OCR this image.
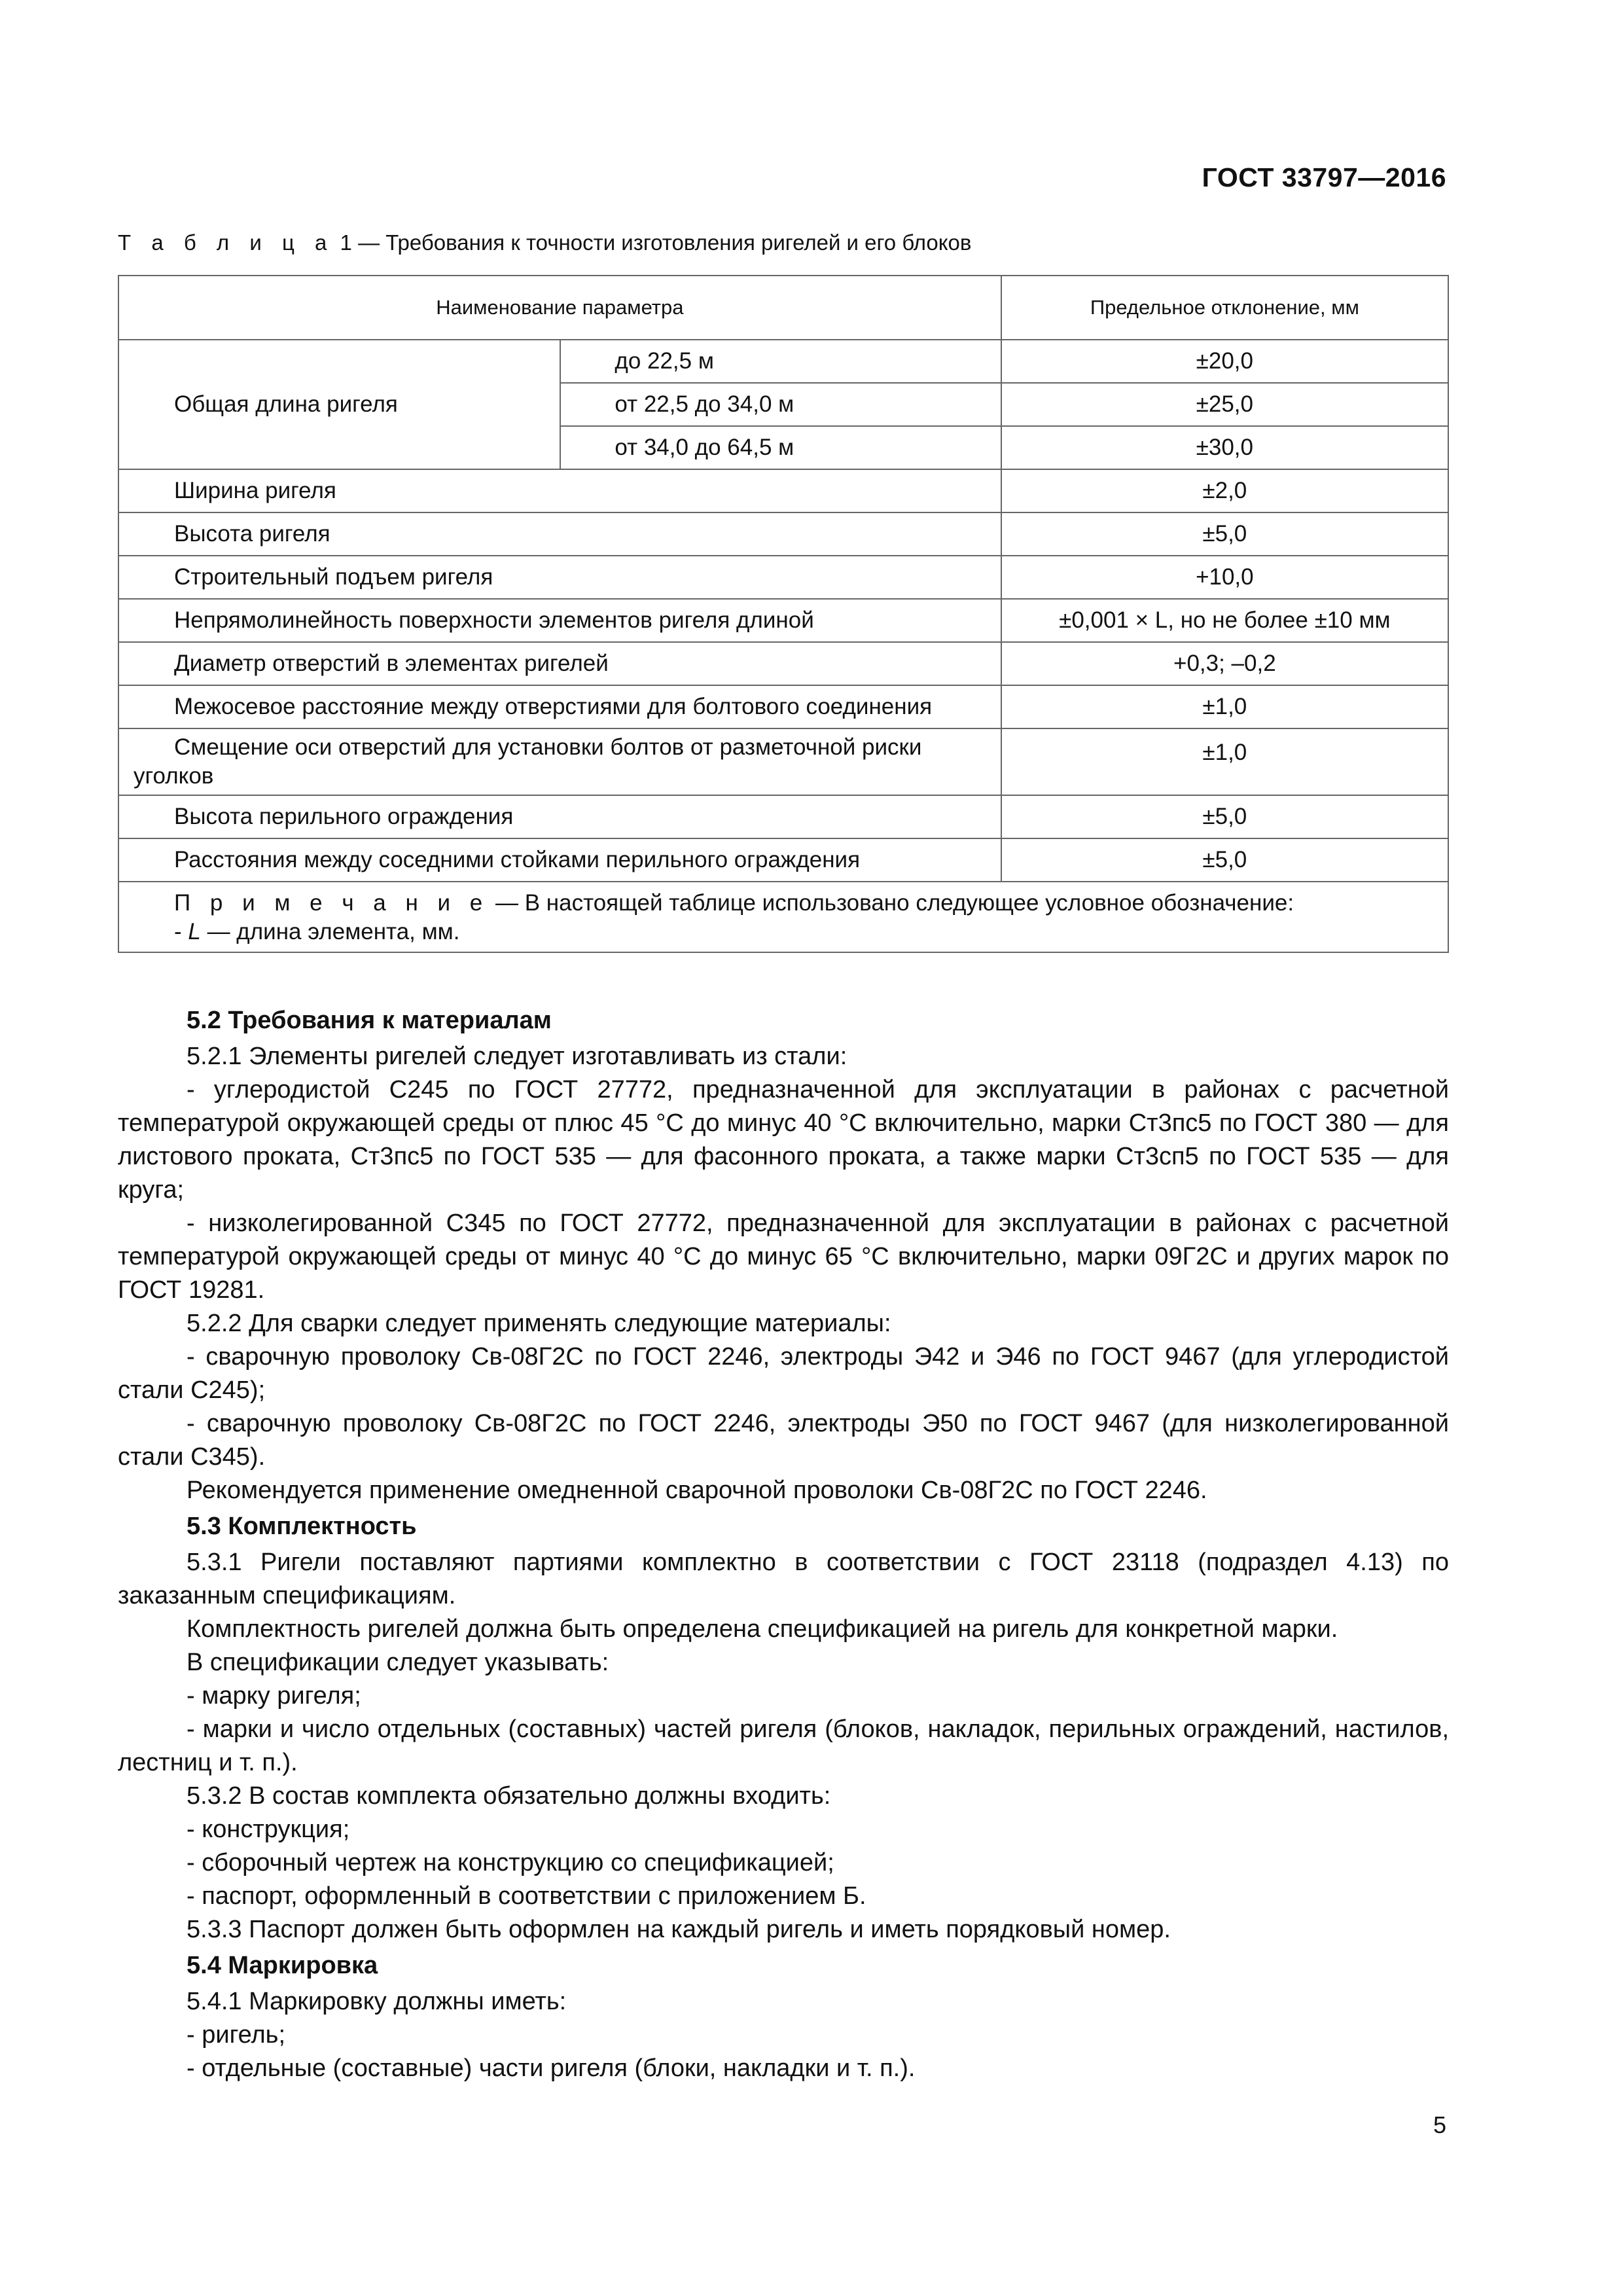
ГОСТ 33797—2016
Т а б л и ц а 1 — Требования к точности изготовления ригелей и его блоков
Наименование параметра		Предельное отклонение, мм
Общая длина ригеля	до 22,5 м	±20,0
	от 22,5 до 34,0 м	±25,0
	от 34,0 до 64,5 м	±30,0
Ширина ригеля		±2,0
Высота ригеля		±5,0
Строительный подъем ригеля		+10,0
Непрямолинейность поверхности элементов ригеля длиной		±0,001 × L, но не более ±10 мм
Диаметр отверстий в элементах ригелей		+0,3; –0,2
Межосевое расстояние между отверстиями для болтового соединения		±1,0
Смещение оси отверстий для установки болтов от разметочной риски уголков		±1,0
Высота перильного ограждения		±5,0
Расстояния между соседними стойками перильного ограждения		±5,0
П р и м е ч а н и е — В настоящей таблице использовано следующее условное обозначение:
- L — длина элемента, мм.		

5.2 Требования к материалам

5.2.1 Элементы ригелей следует изготавливать из стали:

- углеродистой С245 по ГОСТ 27772, предназначенной для эксплуатации в районах с расчетной температурой окружающей среды от плюс 45 °С до минус 40 °С включительно, марки Ст3пс5 по ГОСТ 380 — для листового проката, Ст3пс5 по ГОСТ 535 — для фасонного проката, а также марки Ст3сп5 по ГОСТ 535 — для круга;

- низколегированной С345 по ГОСТ 27772, предназначенной для эксплуатации в районах с расчетной температурой окружающей среды от минус 40 °С до минус 65 °С включительно, марки 09Г2С и других марок по ГОСТ 19281.

5.2.2 Для сварки следует применять следующие материалы:

- сварочную проволоку Св-08Г2С по ГОСТ 2246, электроды Э42 и Э46 по ГОСТ 9467 (для углеродистой стали С245);

- сварочную проволоку Св-08Г2С по ГОСТ 2246, электроды Э50 по ГОСТ 9467 (для низколегированной стали С345).

Рекомендуется применение омедненной сварочной проволоки Св-08Г2С по ГОСТ 2246.

5.3 Комплектность

5.3.1 Ригели поставляют партиями комплектно в соответствии с ГОСТ 23118 (подраздел 4.13) по заказанным спецификациям.

Комплектность ригелей должна быть определена спецификацией на ригель для конкретной марки.

В спецификации следует указывать:

- марку ригеля;

- марки и число отдельных (составных) частей ригеля (блоков, накладок, перильных ограждений, настилов, лестниц и т. п.).

5.3.2 В состав комплекта обязательно должны входить:

- конструкция;

- сборочный чертеж на конструкцию со спецификацией;

- паспорт, оформленный в соответствии с приложением Б.

5.3.3 Паспорт должен быть оформлен на каждый ригель и иметь порядковый номер.

5.4 Маркировка

5.4.1 Маркировку должны иметь:

- ригель;

- отдельные (составные) части ригеля (блоки, накладки и т. п.).

5
